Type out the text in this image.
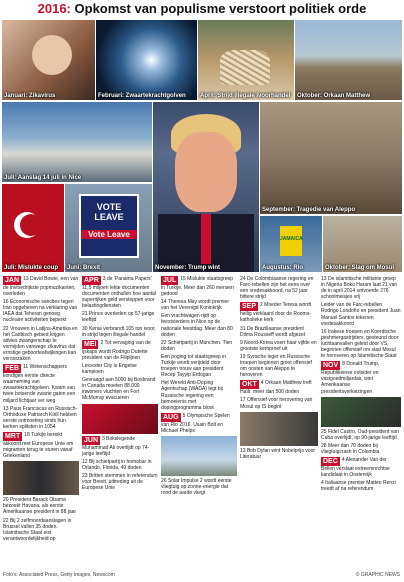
2016: Opkomst van populisme verstoort politiek orde
Januari: Zikavirus	Februari: Zwaartekrachtgolven April: Strijd illegale ivoorhandel Oktober: Orkaan Matthew
Juli: Aanslag 14 juli in Nice
September: Tragedie van Aleppo
Juli: Mislukte coup
VOTE
LEAVE
Vote Leave
Juni: Brexit
JAMAICA
Augustus: Rio	Oktober: Slag om Mosul
November: Trump wint

JAN 13 David Bowie, een van de invloedrijkste popmuzikanten, overleden

16 Economische sancties tegen Iran opgeheven na verklaring van IAEA dat Teheran genoeg nucleaire activiteiten beperkt

22 Vrouwen in Latijns-Amerika en het Caribisch gebied krijgen advies zwangerschap te vermijden vanwege zikavirus dat ernstige geboorteafwijkingen kan veroorzaken

FEB 11 Wetenschappers kondigen eerste directe waarneming van zwaartekrachtgolven. Kwam van twee botsende zwarte gaten een miljard lichtjaar ver weg

13 Paus Franciscus en Russisch-Orthodoxe Patriarch Kirill hebben eerste ontmoeting sinds hun kerken splitsten in 1054

MRT 18 Turkije bereikt akkoord met Europese Unie om migranten terug te sturen vanaf Griekenland

20 President Barack Obama bezoekt Havana, als eerste Amerikaanse president in 88 jaar

22 Bij 2 zelfmoordaanslagen in Brussel vallen 35 doden. Islamitische Staat eist verantwoordelijkheid op

APR 3 de 'Panama Papers' 11,5 miljoen lekte documenten documenten onthullen hoe aantal superrijken geld verstoppen voor belastingdiensten

21 Prince overleden op 57-jarige leeftijd

30 Kenia verbrandt 105 ton ivoor, in strijd tegen illegale handel

MEI 2 Tot vervaging van de ijskaps wordt Rodrigo Duterte president van de Filipijnen

Leicester City is Engelse kampioen

Gevraagd aan 5000 bij Bosbrand in Canada moeten 88.000 inwoners vluchten en Fort McMurray evacueren

JUN 3 Bokslegende Muhammad Ali overlijdt op 74-jarige leeftijd

12 Bij schietpartij in homobar in Orlando, Florida, 49 doden

23 Britten stemmen in referendum voor Brexit, uittreding uit de Europese Unie

JUL 15 Mislukte staatsgreep in Turkije. Meer dan 260 mensen gedood

14 Theresa May wordt premier van het Verenigd Koninkrijk

Een vrachtwagen rijdt op feestvierders in Nice op de nationale feestdag. Meer dan 80 doden

22 Schietpartij in München. Tien doden

Een poging tot staatsgreep in Turkije wordt verijdeld door troepen trouw aan president Recep Tayyip Erdogan

Het Wereld Anti-Doping Agentschap (WADA) legt bij Russische regering een bemoeienis met dopingprogramma bloot

AUG 5 Olympische Spelen van Rio 2016. Usain Bolt en Michael Phelps

26 Solar Impulse 2 wordt eerste vliegtuig op zonne-energie dat rond de aarde vliegt

24 De Colombiaanse regering en Farc-rebellen zijn het eens over een vredesakkoord, na 52 jaar bittere strijd

SEP 2 Moeder Teresa wordt heilig verklaard door de Rooms-katholieke kerk

31 De Braziliaanse president Dilma Rousseff wordt afgezet

9 Noord-Korea voert haar vijfde en grootste kernproef uit

19 Syrische leger en Russische troepen beginnen groot offensief om oosten van Aleppo te heroveren

OKT 4 Orkaan Matthew treft Haïti: meer dan 500 doden

17 Offensief voor herovering van Mosul op IS begint

13 Bob Dylan wint Nobelprijs voor Literatuur

13 De islamitische militante groep in Nigeria Boko Haram laat 21 van de in april 2014 ontvoerde 276 schoolmeisjes vrij

Leider van de Farc-rebellen Rodrigo Londoño en president Juan Manuel Santos tekenen vredesakkoord

16 Irakese troepen en Koerdische peshmergastrijders, gesteund door luchtaanvallen geleid door VS, beginnen offensief om stad Mosul te heroveren op Islamitische Staat

NOV 8 Donald Trump, Republikeinse outsider en vastgoedmiljardair, wint Amerikaanse presidentsverkiezingen

25 Fidel Castro, Oud-president van Cuba overlijdt, op 90-jarige leeftijd

28 Meer dan 70 doden bij vliegtuigcrash in Colombia

DEC 4 Alexander Van der Bellen verslaat extreemrechtse kandidaat in Oostenrijk

4 Italiaanse premier Matteo Renzi treedt af na referendum

Foto's: Associated Press, Getty Images, Newscom	© GRAPHIC NEWS
